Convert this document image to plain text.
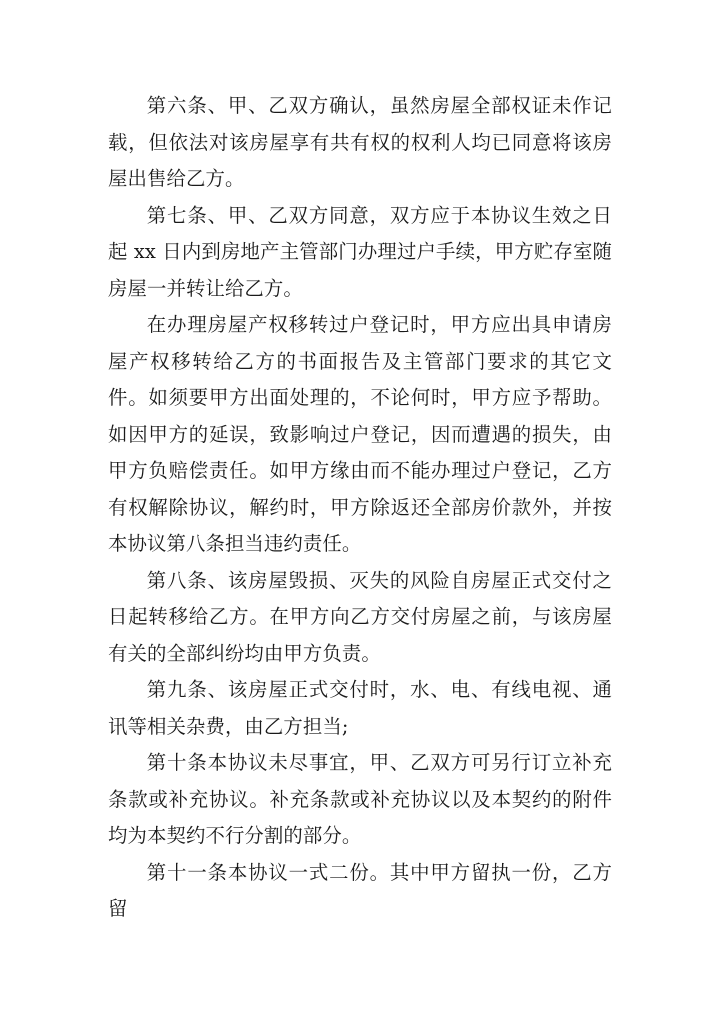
第六条、甲、乙双方确认，虽然房屋全部权证未作记载，但依法对该房屋享有共有权的权利人均已同意将该房屋出售给乙方。

第七条、甲、乙双方同意，双方应于本协议生效之日起 xx 日内到房地产主管部门办理过户手续，甲方贮存室随房屋一并转让给乙方。

在办理房屋产权移转过户登记时，甲方应出具申请房屋产权移转给乙方的书面报告及主管部门要求的其它文件。如须要甲方出面处理的，不论何时，甲方应予帮助。如因甲方的延误，致影响过户登记，因而遭遇的损失，由甲方负赔偿责任。如甲方缘由而不能办理过户登记，乙方有权解除协议，解约时，甲方除返还全部房价款外，并按本协议第八条担当违约责任。

第八条、该房屋毁损、灭失的风险自房屋正式交付之日起转移给乙方。在甲方向乙方交付房屋之前，与该房屋有关的全部纠纷均由甲方负责。

第九条、该房屋正式交付时，水、电、有线电视、通讯等相关杂费，由乙方担当;

第十条本协议未尽事宜，甲、乙双方可另行订立补充条款或补充协议。补充条款或补充协议以及本契约的附件均为本契约不行分割的部分。

第十一条本协议一式二份。其中甲方留执一份，乙方留
